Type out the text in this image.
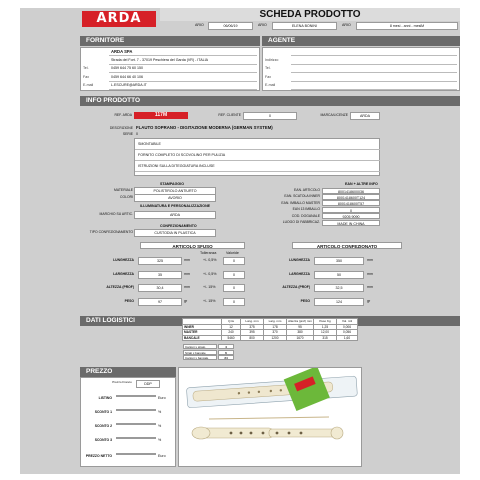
ARDA	SCHEDA PRODOTTO
ARIO	06/06/19	ARIO	ELENA BONINI	ARIO	8 mesi - anni - mesiM
FORNITORE	AGENTE
ARDA SPA
Strada del Fort. 7 - 37019 Peschiera del Garda (VR) - ITALIA
Tel.	0459 644 75 60 150
Fax	0459 644 66 40 106
E-mail	L.ESCURE@ARDA.IT
Indirizzo
Tel.
Fax
E-mail
INFO PRODOTTO
REF. ARDA	117M	REF. CLIENTE	0	MARCA/LICENZE	ARDA
DESCRIZIONE FLAUTO SOPRANO - DIGITAZIONE MODERNA (GERMAN SYSTEM)
SERIE 0
SMONTABILE
FORNITO COMPLETO DI SCOVOLINO PER PULIZIA
ISTRUZIONI SULLA DITEGGIATURA INCLUSE
STAMPAGGIO
MATERIALE	POLISTIROLO ANTIURTO
COLORI	AVORIO
ILLUMINATURA E PERSONALIZZAZIONE
MARCHIO SU ARTIC.	ARDA
CONFEZIONAMENTO
TIPO CONFEZIONAMENTO	CUSTODIA IN PLASTICA
EAN + ALTRE INFO
EAN. ARTICOLO	8001418600036
EAN. SCATOLA INNER	8001418600T124
EAN. IMBALLO MASTER	8001418600T57
EAN 13 IMBALLO	0
COD. DOGANALE	9205 9090
LUOGO DI FABBRICAZ.	MADE IN CHINA
ARTICOLO SFUSO
Tolleranza	Valoride
ARTICOLO CONFEZIONATO
LUNGHEZZA	325	mm	+/- 0,5%	0
LARGHEZZA	35	mm	+/- 0,5%	0
ALTEZZA (PROF)	30,4	mm	+/- 15%	0
PESO	97	gr	+/- 15%	0
LUNGHEZZA	350	mm
LARGHEZZA	50	mm
ALTEZZA (PROF)	32,5	mm
PESO	124	gr
DATI LOGISTICI
		Q.tà	Lung. mm	Larg. mm	Altezza (prof) mm	Peso Kg	Vol. m3
INNER	12	375	178	95	1,25	0,006
MASTER	240	395	370	380	12,00	0,056
BANCALE	5460	800	1200	1670	315	1,60
Cartoni x strato	4
Strati x bancale	6
Cartoni x bancale	24
PREZZO
Prezzo Franco	DDP
LISTINO	Euro
SCONTO 1	%
SCONTO 2	%
SCONTO 3	%
PREZZO NETTO	Euro
